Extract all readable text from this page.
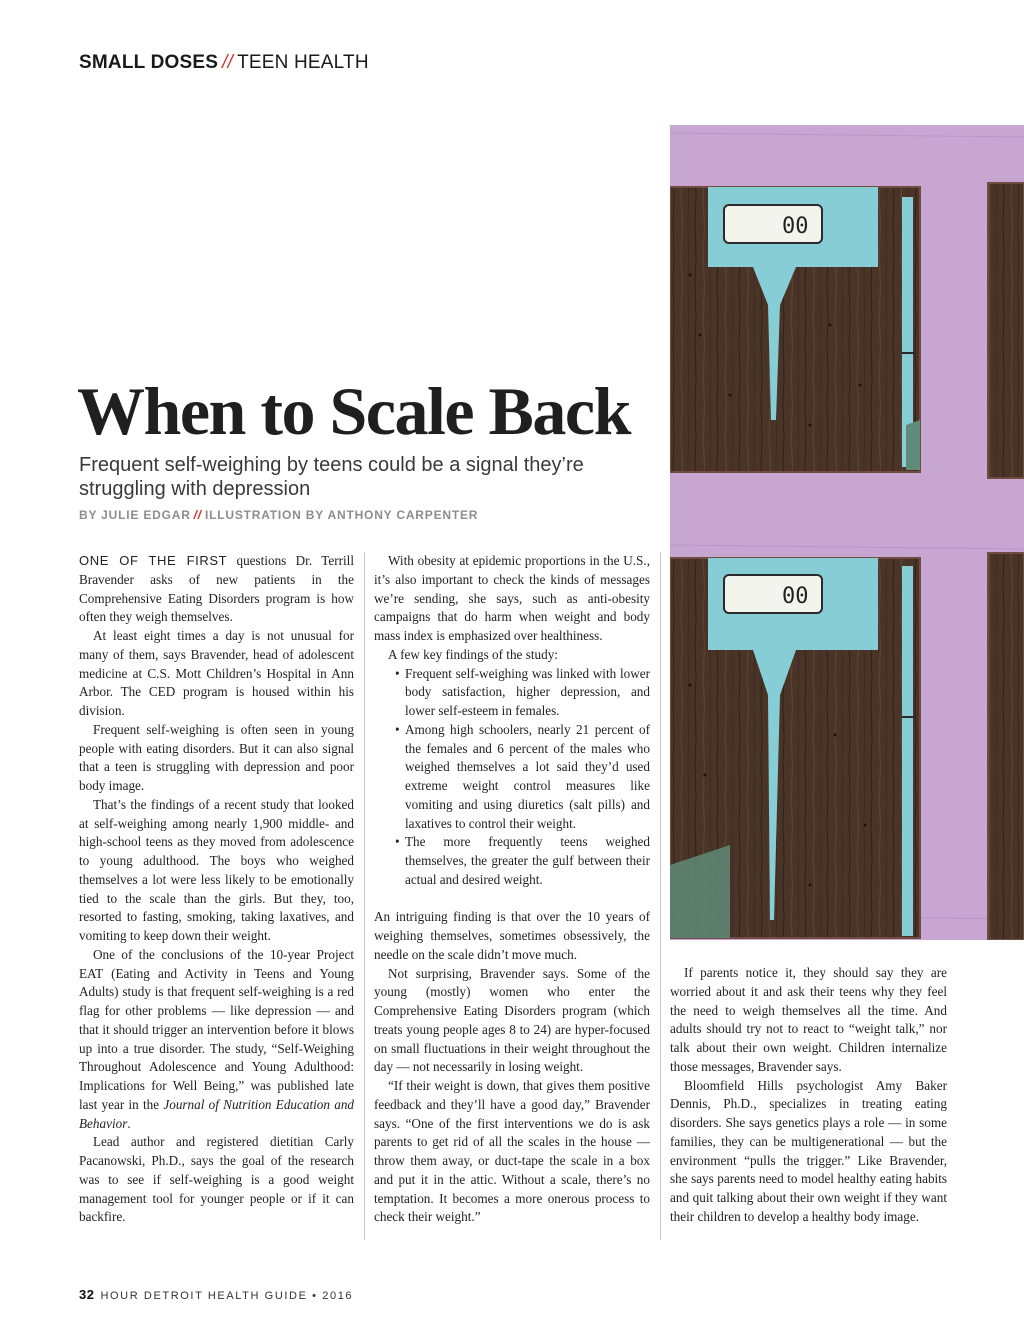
SMALL DOSES // TEEN HEALTH
00
00
When to Scale Back

Frequent self-weighing by teens could be a signal they’re struggling with depression

BY JULIE EDGAR // ILLUSTRATION BY ANTHONY CARPENTER

ONE OF THE FIRST questions Dr. Terrill Bravender asks of new patients in the Comprehensive Eating Disorders program is how often they weigh themselves.

At least eight times a day is not unusual for many of them, says Bravender, head of adolescent medicine at C.S. Mott Children’s Hospital in Ann Arbor. The CED program is housed within his division.

Frequent self-weighing is often seen in young people with eating disorders. But it can also signal that a teen is struggling with depression and poor body image.

That’s the findings of a recent study that looked at self-weighing among nearly 1,900 middle- and high-school teens as they moved from adolescence to young adulthood. The boys who weighed themselves a lot were less likely to be emotionally tied to the scale than the girls. But they, too, resorted to fasting, smoking, taking laxatives, and vomiting to keep down their weight.

One of the conclusions of the 10-year Project EAT (Eating and Activity in Teens and Young Adults) study is that frequent self-weighing is a red flag for other problems — like depression — and that it should trigger an intervention before it blows up into a true disorder. The study, “Self-Weighing Throughout Adolescence and Young Adulthood: Implications for Well Being,” was published late last year in the Journal of Nutrition Education and Behavior.

Lead author and registered dietitian Carly Pacanowski, Ph.D., says the goal of the research was to see if self-weighing is a good weight management tool for younger people or if it can backfire.

With obesity at epidemic proportions in the U.S., it’s also important to check the kinds of messages we’re sending, she says, such as anti-obesity campaigns that do harm when weight and body mass index is emphasized over healthiness.

A few key findings of the study:

• Frequent self-weighing was linked with lower body satisfaction, higher depression, and lower self-esteem in females.
• Among high schoolers, nearly 21 percent of the females and 6 percent of the males who weighed themselves a lot said they’d used extreme weight control measures like vomiting and using diuretics (salt pills) and laxatives to control their weight.
• The more frequently teens weighed themselves, the greater the gulf between their actual and desired weight.

An intriguing finding is that over the 10 years of weighing themselves, sometimes obsessively, the needle on the scale didn’t move much.

Not surprising, Bravender says. Some of the young (mostly) women who enter the Comprehensive Eating Disorders program (which treats young people ages 8 to 24) are hyper-focused on small fluctuations in their weight throughout the day — not necessarily in losing weight.

“If their weight is down, that gives them positive feedback and they’ll have a good day,” Bravender says. “One of the first interventions we do is ask parents to get rid of all the scales in the house — throw them away, or duct-tape the scale in a box and put it in the attic. Without a scale, there’s no temptation. It becomes a more onerous process to check their weight.”

If parents notice it, they should say they are worried about it and ask their teens why they feel the need to weigh themselves all the time. And adults should try not to react to “weight talk,” nor talk about their own weight. Children internalize those messages, Bravender says.

Bloomfield Hills psychologist Amy Baker Dennis, Ph.D., specializes in treating eating disorders. She says genetics plays a role — in some families, they can be multigenerational — but the environment “pulls the trigger.” Like Bravender, she says parents need to model healthy eating habits and quit talking about their own weight if they want their children to develop a healthy body image.

32 HOUR DETROIT HEALTH GUIDE • 2016
